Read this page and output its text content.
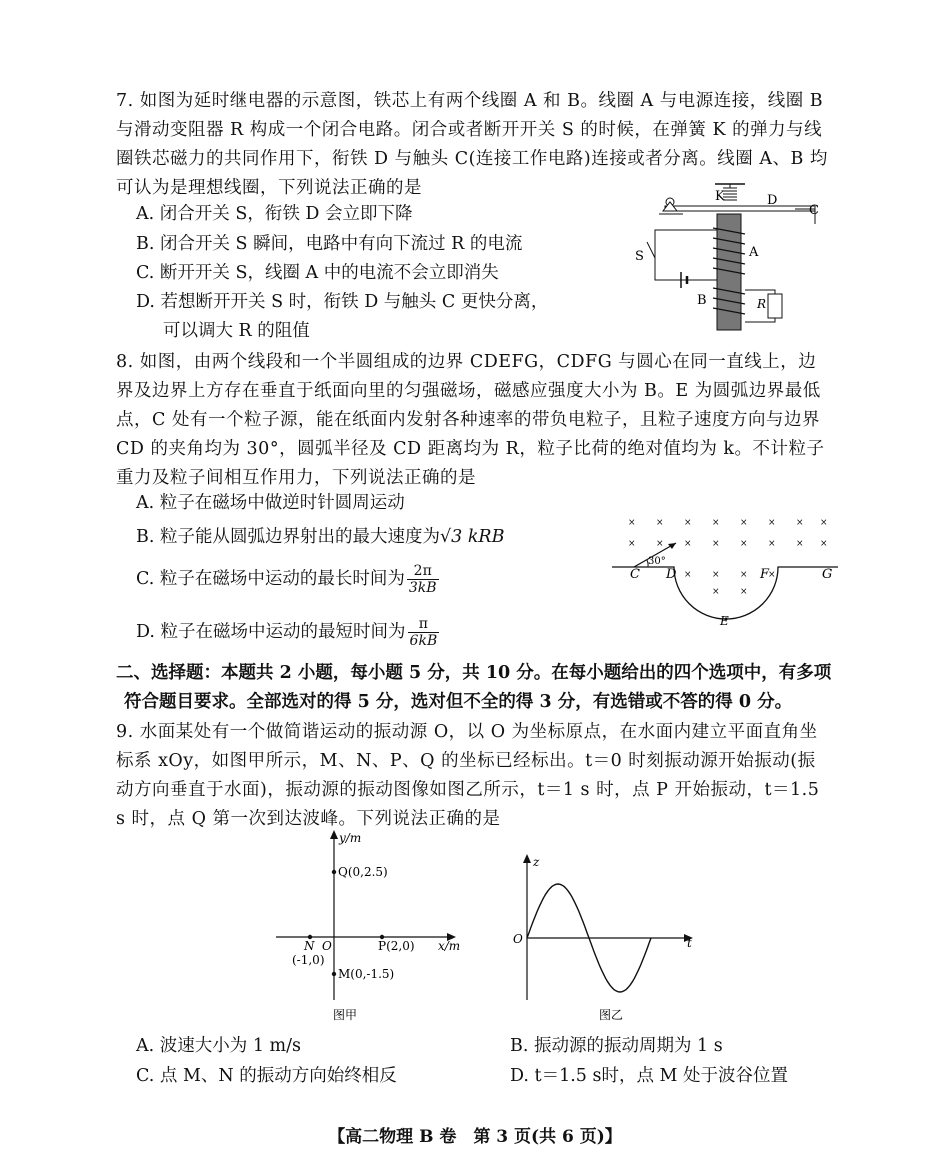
7. 如图为延时继电器的示意图，铁芯上有两个线圈 A 和 B。线圈 A 与电源连接，线圈 B 与滑动变阻器 R 构成一个闭合电路。闭合或者断开开关 S 的时候，在弹簧 K 的弹力与线圈铁芯磁力的共同作用下，衔铁 D 与触头 C(连接工作电路)连接或者分离。线圈 A、B 均可认为是理想线圈，下列说法正确的是
A. 闭合开关 S，衔铁 D 会立即下降
B. 闭合开关 S 瞬间，电路中有向下流过 R 的电流
C. 断开开关 S，线圈 A 中的电流不会立即消失
D. 若想断开开关 S 时，衔铁 D 与触头 C 更快分离，
可以调大 R 的阻值
K	D
C
A
S
B	R
8. 如图，由两个线段和一个半圆组成的边界 CDEFG，CDFG 与圆心在同一直线上，边界及边界上方存在垂直于纸面向里的匀强磁场，磁感应强度大小为 B。E 为圆弧边界最低点，C 处有一个粒子源，能在纸面内发射各种速率的带负电粒子，且粒子速度方向与边界 CD 的夹角均为 30°，圆弧半径及 CD 距离均为 R，粒子比荷的绝对值均为 k。不计粒子重力及粒子间相互作用力，下列说法正确的是
A. 粒子在磁场中做逆时针圆周运动
B. 粒子能从圆弧边界射出的最大速度为√3 kRB
C. 粒子在磁场中运动的最长时间为 $\frac{2\pi}{3kB}$
D. 粒子在磁场中运动的最短时间为 $\frac{\pi}{6kB}$
× × × × × × × ×
× × × × × × × ×
× × × ×
× ×
30°
C D	F	G
E
二、选择题：本题共 2 小题，每小题 5 分，共 10 分。在每小题给出的四个选项中，有多项符合题目要求。全部选对的得 5 分，选对但不全的得 3 分，有选错或不答的得 0 分。
9. 水面某处有一个做简谐运动的振动源 O，以 O 为坐标原点，在水面内建立平面直角坐标系 xOy，如图甲所示，M、N、P、Q 的坐标已经标出。t＝0 时刻振动源开始振动(振动方向垂直于水面)，振动源的振动图像如图乙所示，t＝1 s 时，点 P 开始振动，t＝1.5 s 时，点 Q 第一次到达波峰。下列说法正确的是
y/m
x/m
O
Q(0,2.5)
N
(-1,0)
P(2,0)
M(0,-1.5)
图甲
z
t
O
图乙
A. 波速大小为 1 m/s	B. 振动源的振动周期为 1 s
C. 点 M、N 的振动方向始终相反	D. t＝1.5 s时，点 M 处于波谷位置
【高二物理 B 卷　第 3 页(共 6 页)】
